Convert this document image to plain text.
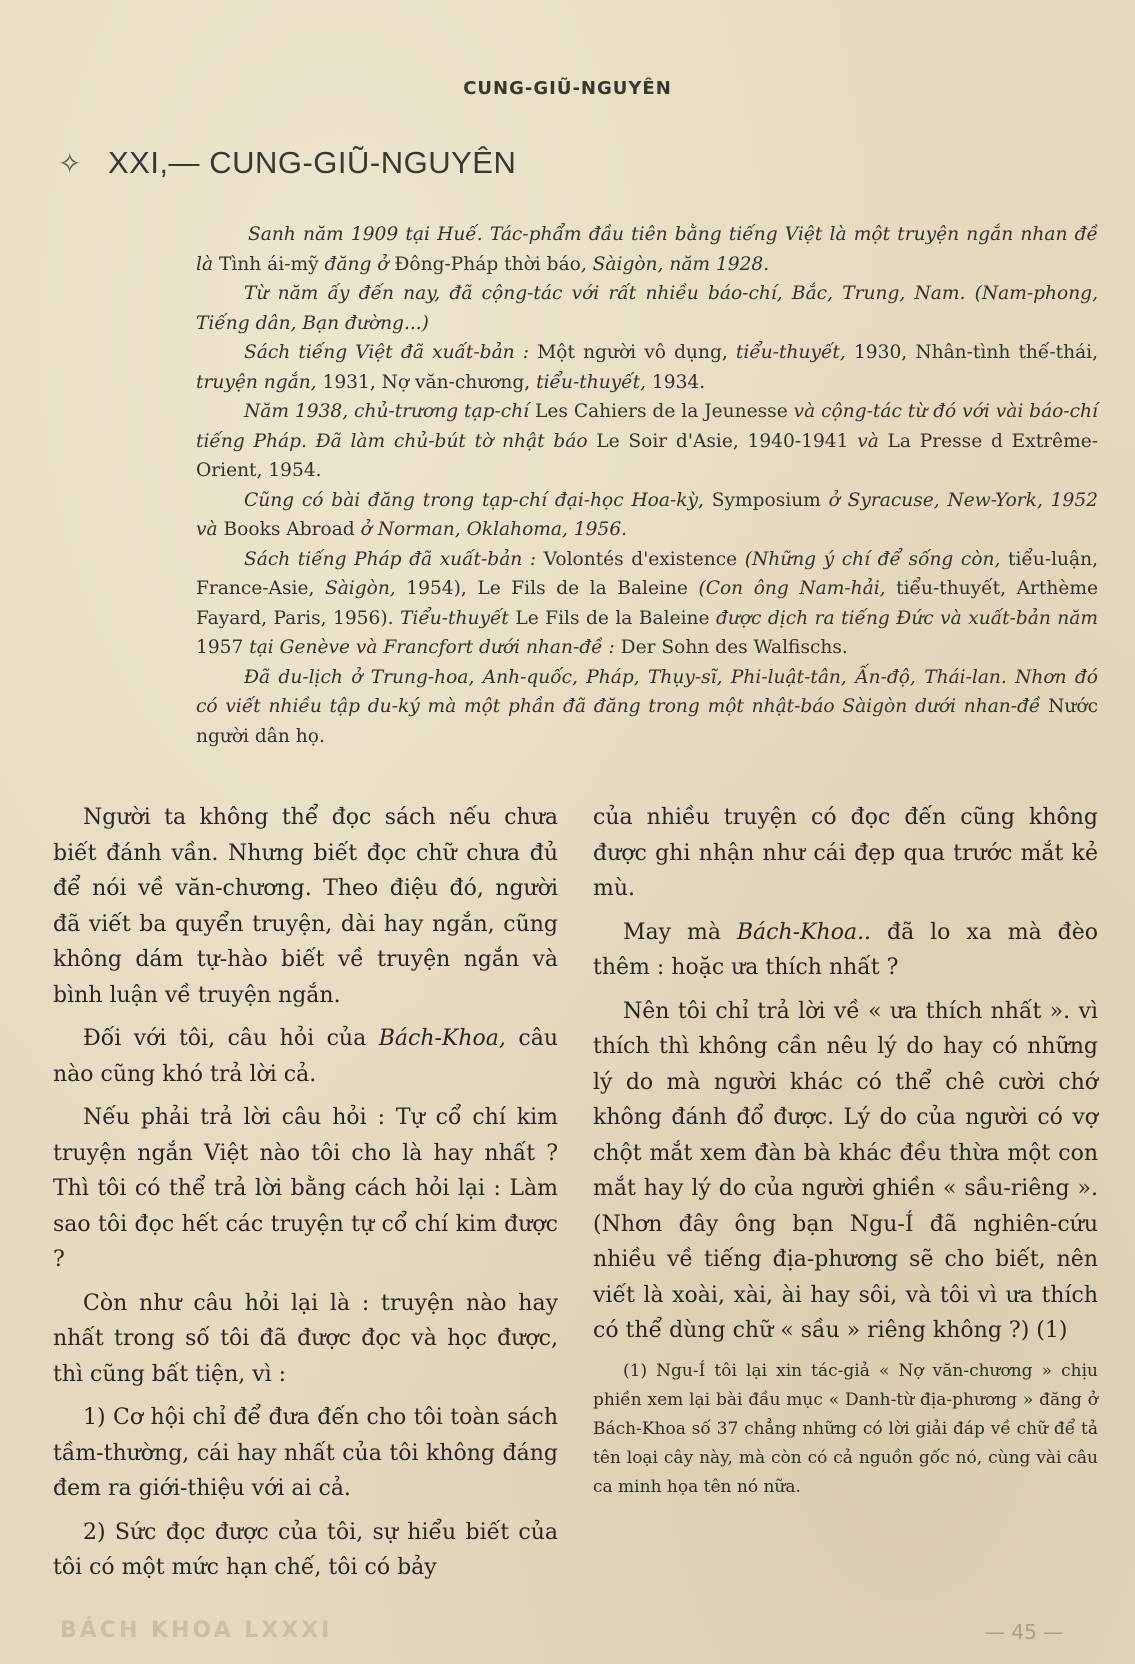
CUNG-GIŨ-NGUYÊN
✧ XXI,— CUNG-GIŨ-NGUYÊN

Sanh năm 1909 tại Huế. Tác-phẩm đầu tiên bằng tiếng Việt là một truyện ngắn nhan đề là Tình ái-mỹ đăng ở Đông-Pháp thời báo, Sàigòn, năm 1928.

Từ năm ấy đến nay, đã cộng-tác với rất nhiều báo-chí, Bắc, Trung, Nam. (Nam-phong, Tiếng dân, Bạn đường...)

Sách tiếng Việt đã xuất-bản : Một người vô dụng, tiểu-thuyết, 1930, Nhân-tình thế-thái, truyện ngắn, 1931, Nợ văn-chương, tiểu-thuyết, 1934.

Năm 1938, chủ-trương tạp-chí Les Cahiers de la Jeunesse và cộng-tác từ đó với vài báo-chí tiếng Pháp. Đã làm chủ-bút tờ nhật báo Le Soir d'Asie, 1940-1941 và La Presse d Extrême-Orient, 1954.

Cũng có bài đăng trong tạp-chí đại-học Hoa-kỳ, Symposium ở Syracuse, New-York, 1952 và Books Abroad ở Norman, Oklahoma, 1956.

Sách tiếng Pháp đã xuất-bản : Volontés d'existence (Những ý chí để sống còn, tiểu-luận, France-Asie, Sàigòn, 1954), Le Fils de la Baleine (Con ông Nam-hải, tiểu-thuyết, Arthème Fayard, Paris, 1956). Tiểu-thuyết Le Fils de la Baleine được dịch ra tiếng Đức và xuất-bản năm 1957 tại Genève và Francfort dưới nhan-đề : Der Sohn des Walfischs.

Đã du-lịch ở Trung-hoa, Anh-quốc, Pháp, Thụy-sĩ, Phi-luật-tân, Ấn-độ, Thái-lan. Nhơn đó có viết nhiều tập du-ký mà một phần đã đăng trong một nhật-báo Sàigòn dưới nhan-đề Nước người dân họ.

Người ta không thể đọc sách nếu chưa biết đánh vần. Nhưng biết đọc chữ chưa đủ để nói về văn-chương. Theo điệu đó, người đã viết ba quyển truyện, dài hay ngắn, cũng không dám tự-hào biết về truyện ngắn và bình luận về truyện ngắn.

Đối với tôi, câu hỏi của Bách-Khoa, câu nào cũng khó trả lời cả.

Nếu phải trả lời câu hỏi : Tự cổ chí kim truyện ngắn Việt nào tôi cho là hay nhất ? Thì tôi có thể trả lời bằng cách hỏi lại : Làm sao tôi đọc hết các truyện tự cổ chí kim được ?

Còn như câu hỏi lại là : truyện nào hay nhất trong số tôi đã được đọc và học được, thì cũng bất tiện, vì :

1) Cơ hội chỉ để đưa đến cho tôi toàn sách tầm-thường, cái hay nhất của tôi không đáng đem ra giới-thiệu với ai cả.

2) Sức đọc được của tôi, sự hiểu biết của tôi có một mức hạn chế, tôi có bảy

của nhiều truyện có đọc đến cũng không được ghi nhận như cái đẹp qua trước mắt kẻ mù.

May mà Bách-Khoa.. đã lo xa mà đèo thêm : hoặc ưa thích nhất ?

Nên tôi chỉ trả lời về « ưa thích nhất ». vì thích thì không cần nêu lý do hay có những lý do mà người khác có thể chê cười chớ không đánh đổ được. Lý do của người có vợ chột mắt xem đàn bà khác đều thừa một con mắt hay lý do của người ghiền « sầu-riêng ». (Nhơn đây ông bạn Ngu-Í đã nghiên-cứu nhiều về tiếng địa-phương sẽ cho biết, nên viết là xoài, xài, ài hay sôi, và tôi vì ưa thích có thể dùng chữ « sầu » riêng không ?) (1)

(1) Ngu-Í tôi lại xin tác-giả « Nợ văn-chương » chịu phiền xem lại bài đầu mục « Danh-từ địa-phương » đăng ở Bách-Khoa số 37 chẳng những có lời giải đáp về chữ để tả tên loại cây này, mà còn có cả nguồn gốc nó, cùng vài câu ca minh họa tên nó nữa.
BÁCH KHOA LXXXI	— 45 —
